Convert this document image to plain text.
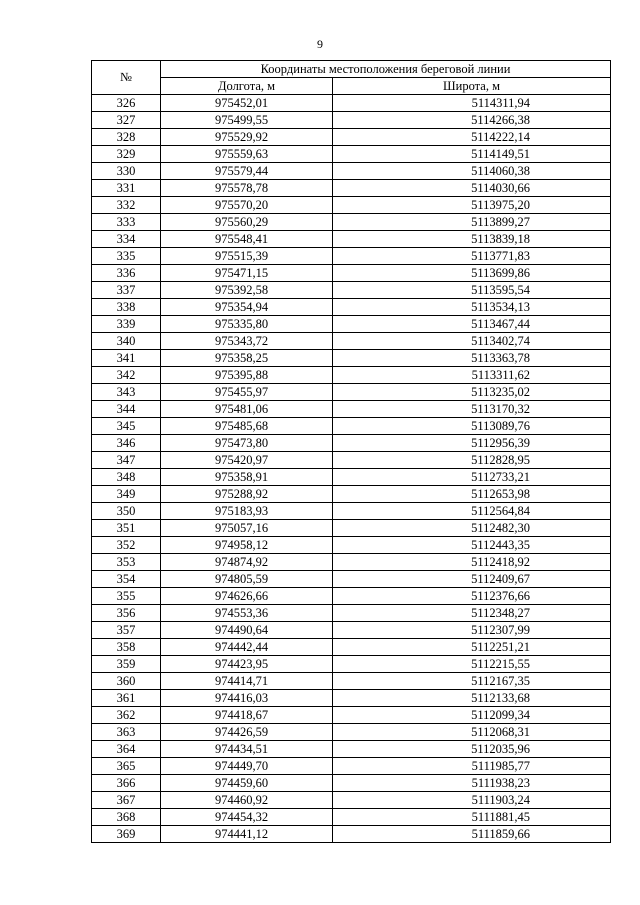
9
№	Координаты местоположения береговой линии	
	Долгота, м	Широта, м
326	975452,01	5114311,94
327	975499,55	5114266,38
328	975529,92	5114222,14
329	975559,63	5114149,51
330	975579,44	5114060,38
331	975578,78	5114030,66
332	975570,20	5113975,20
333	975560,29	5113899,27
334	975548,41	5113839,18
335	975515,39	5113771,83
336	975471,15	5113699,86
337	975392,58	5113595,54
338	975354,94	5113534,13
339	975335,80	5113467,44
340	975343,72	5113402,74
341	975358,25	5113363,78
342	975395,88	5113311,62
343	975455,97	5113235,02
344	975481,06	5113170,32
345	975485,68	5113089,76
346	975473,80	5112956,39
347	975420,97	5112828,95
348	975358,91	5112733,21
349	975288,92	5112653,98
350	975183,93	5112564,84
351	975057,16	5112482,30
352	974958,12	5112443,35
353	974874,92	5112418,92
354	974805,59	5112409,67
355	974626,66	5112376,66
356	974553,36	5112348,27
357	974490,64	5112307,99
358	974442,44	5112251,21
359	974423,95	5112215,55
360	974414,71	5112167,35
361	974416,03	5112133,68
362	974418,67	5112099,34
363	974426,59	5112068,31
364	974434,51	5112035,96
365	974449,70	5111985,77
366	974459,60	5111938,23
367	974460,92	5111903,24
368	974454,32	5111881,45
369	974441,12	5111859,66
